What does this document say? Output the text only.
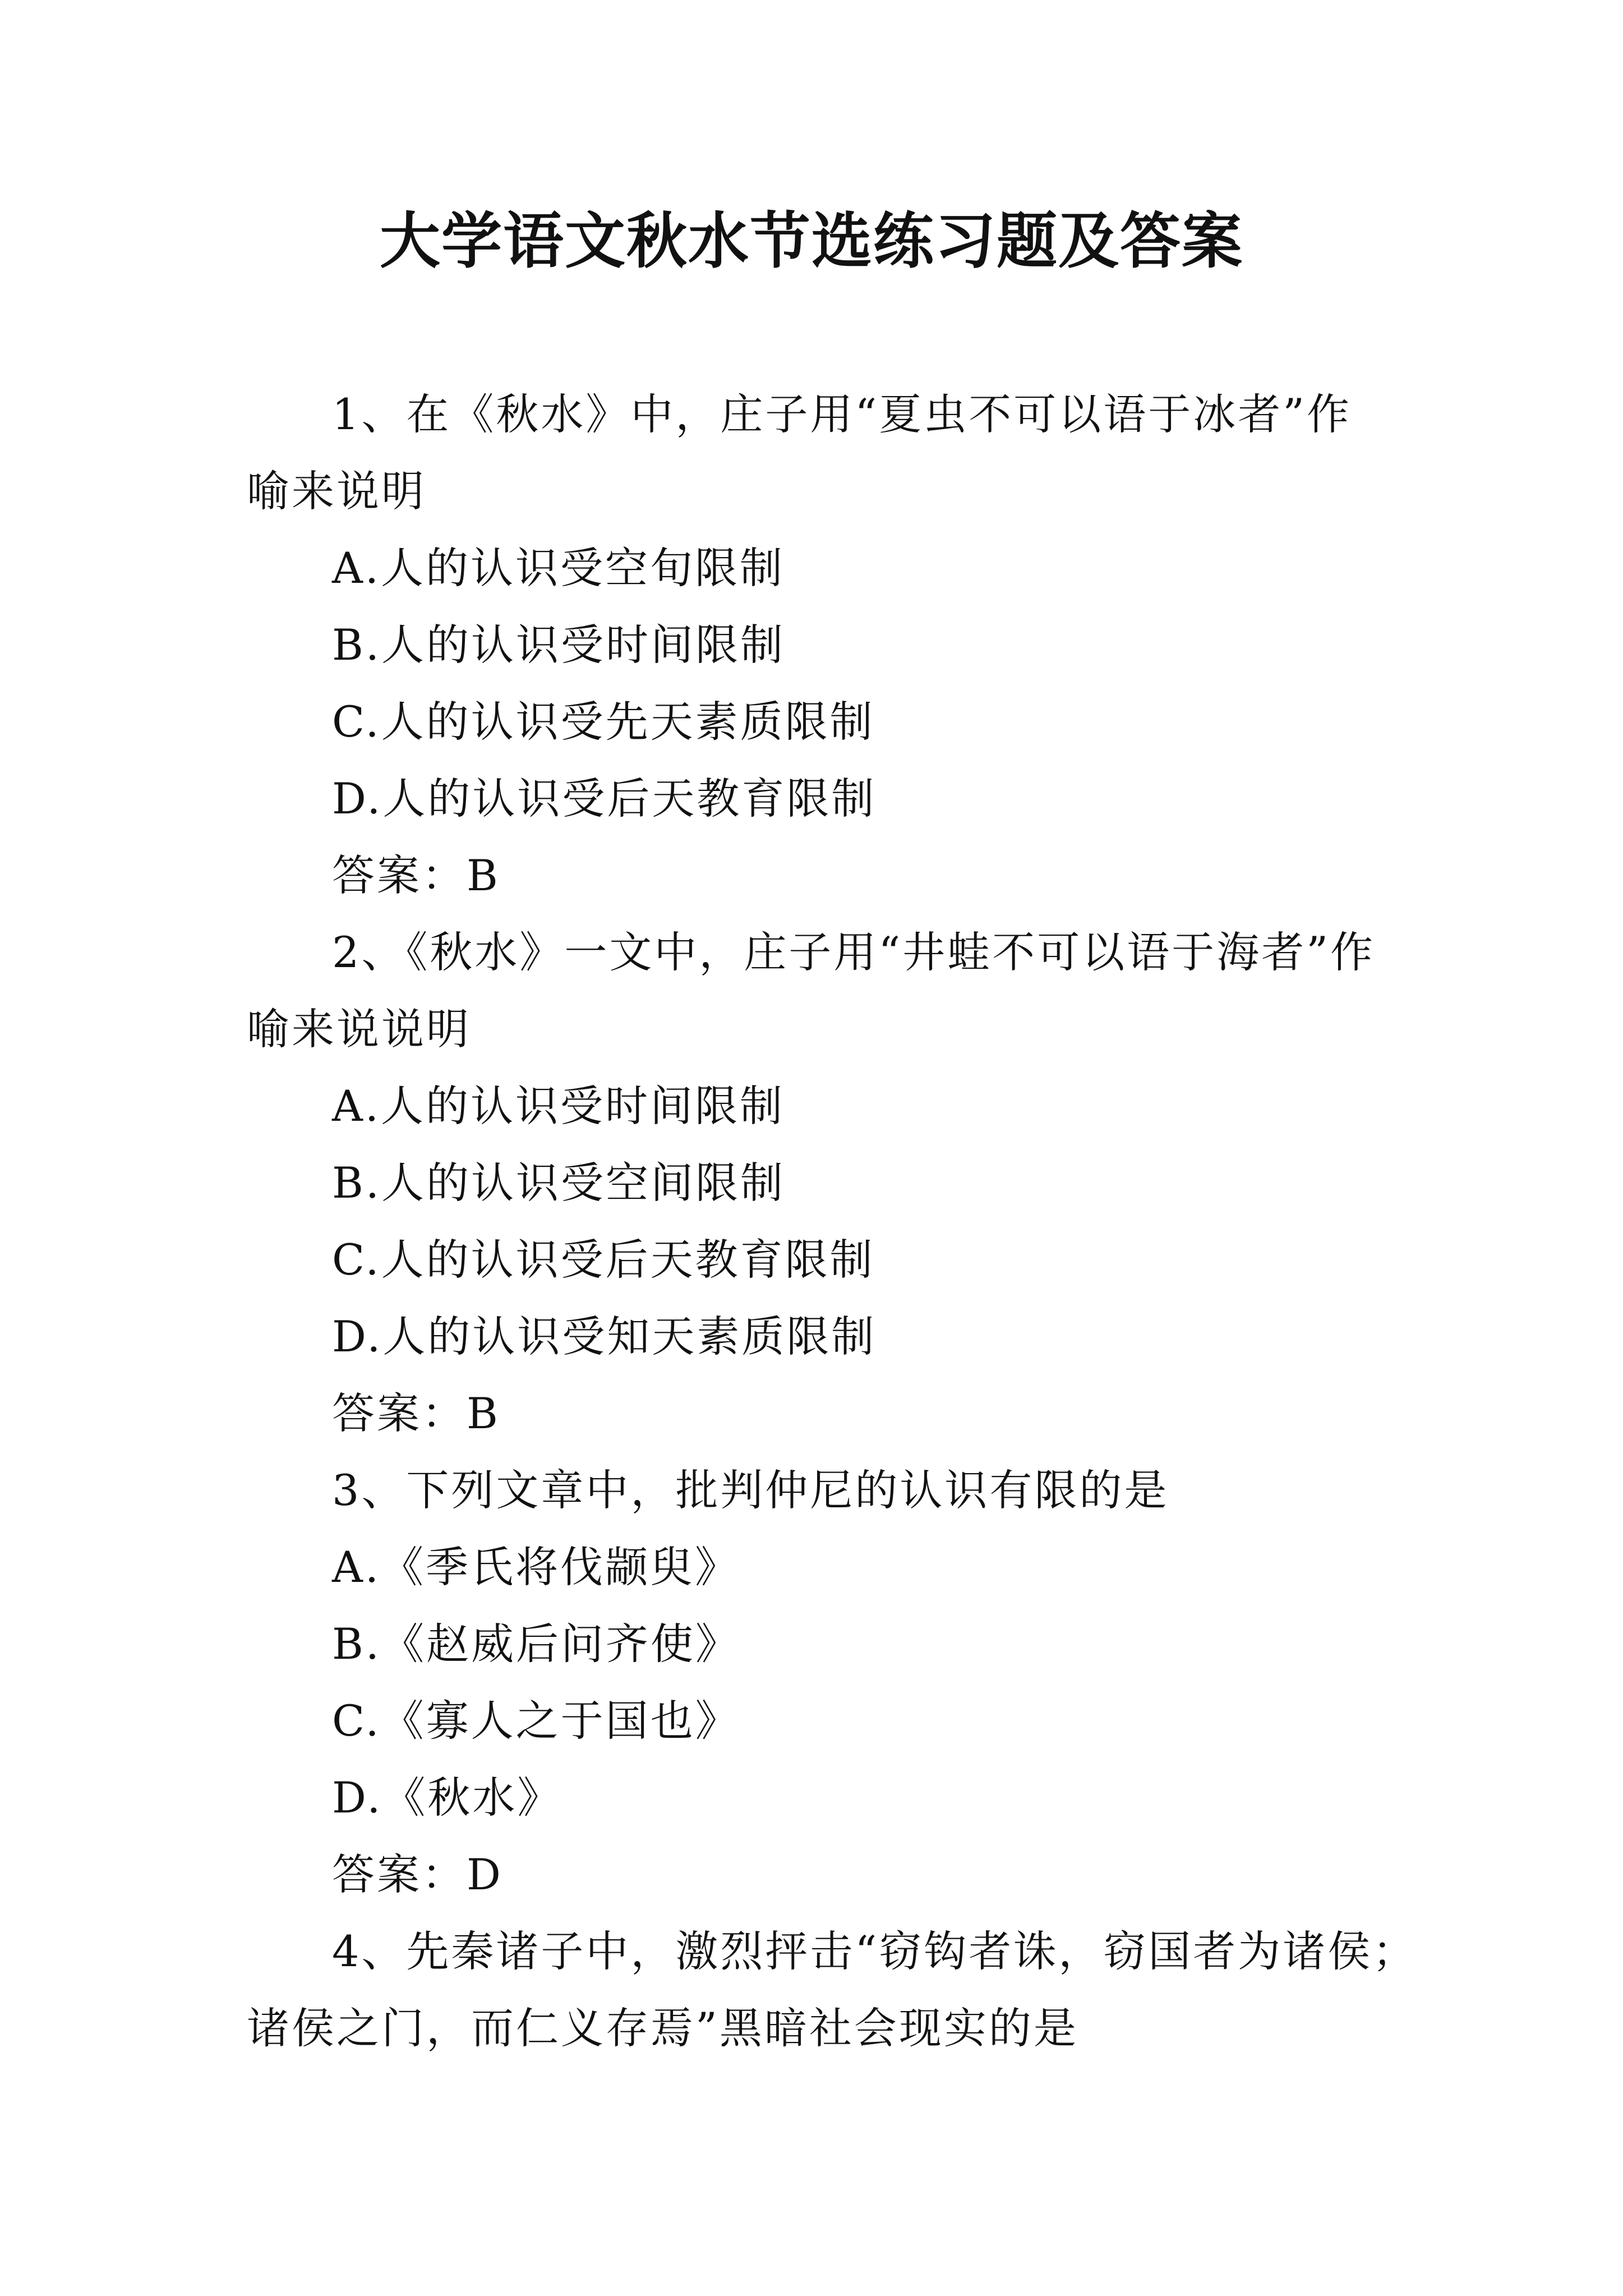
大学语文秋水节选练习题及答案
1、在《秋水》中，庄子用“夏虫不可以语于冰者”作
喻来说明
A.人的认识受空旬限制
B.人的认识受时间限制
C.人的认识受先天素质限制
D.人的认识受后天教育限制
答案：B
2、《秋水》一文中，庄子用“井蛙不可以语于海者”作
喻来说说明
A.人的认识受时间限制
B.人的认识受空间限制
C.人的认识受后天教育限制
D.人的认识受知天素质限制
答案：B
3、下列文章中，批判仲尼的认识有限的是
A.《季氏将伐颛臾》
B.《赵威后问齐使》
C.《寡人之于国也》
D.《秋水》
答案：D
4、先秦诸子中，激烈抨击“窃钩者诛，窃国者为诸侯；
诸侯之门，而仁义存焉”黑暗社会现实的是
